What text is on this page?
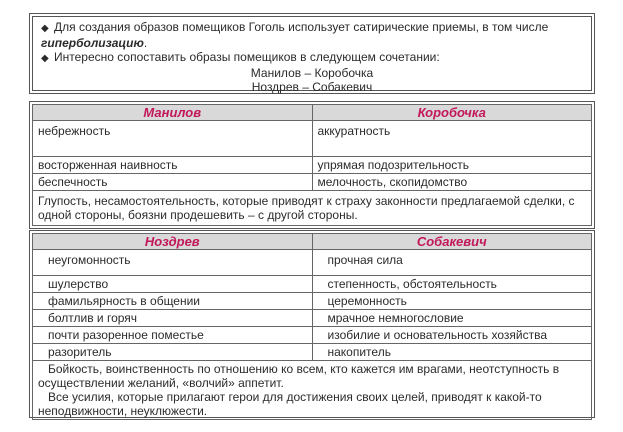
◆ Для создания образов помещиков Гоголь использует сатирические приемы, в том числе
гиперболизацию.
◆ Интересно сопоставить образы помещиков в следующем сочетании:
Манилов – Коробочка
Ноздрев – Собакевич
Манилов	Коробочка
небрежность	аккуратность
восторженная наивность	упрямая подозрительность
беспечность	мелочность, скопидомство
Глупость, несамостоятельность, которые приводят к страху законности предлагаемой сделки, с одной стороны, боязни продешевить – с другой стороны.	
Ноздрев	Собакевич
неугомонность	прочная сила
шулерство	степенность, обстоятельность
фамильярность в общении	церемонность
болтлив и горяч	мрачное немногословие
почти разоренное поместье	изобилие и основательность хозяйства
разоритель	накопитель

Бойкость, воинственность по отношению ко всем, кто кажется им врагами, неотступность в осуществлении желаний, «волчий» аппетит.

Все усилия, которые прилагают герои для достижения своих целей, приводят к какой-то неподвижности, неуклюжести.	
